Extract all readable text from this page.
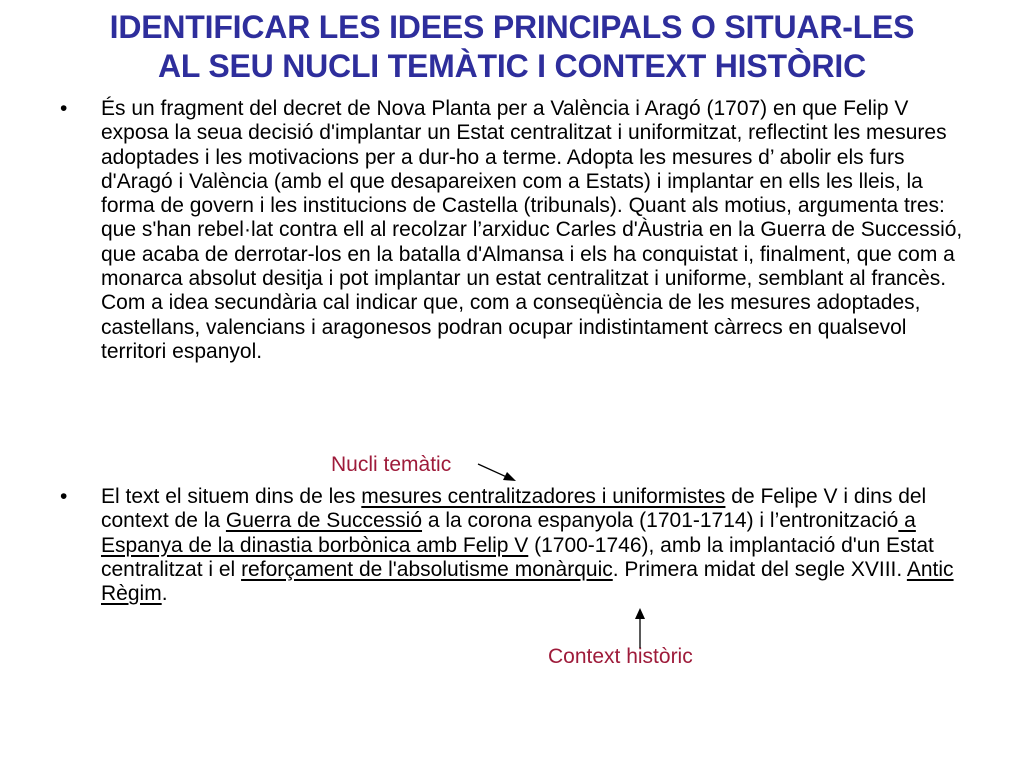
IDENTIFICAR LES IDEES PRINCIPALS O SITUAR-LES
AL SEU NUCLI TEMÀTIC I CONTEXT HISTÒRIC
•	És un fragment del decret de Nova Planta per a València i Aragó (1707) en que Felip V exposa la seua decisió d'implantar un Estat centralitzat i uniformitzat, reflectint les mesures adoptades i les motivacions per a dur-ho a terme. Adopta les mesures d’ abolir els furs d'Aragó i València (amb el que desapareixen com a Estats) i implantar en ells les lleis, la forma de govern i les institucions de Castella (tribunals). Quant als motius, argumenta tres: que s'han rebel·lat contra ell al recolzar l’arxiduc Carles d'Àustria en la Guerra de Successió, que acaba de derrotar-los en la batalla d'Almansa i els ha conquistat i, finalment, que com a monarca absolut desitja i pot implantar un estat centralitzat i uniforme, semblant al francès. Com a idea secundària cal indicar que, com a conseqüència de les mesures adoptades, castellans, valencians i aragonesos podran ocupar indistintament càrrecs en qualsevol territori espanyol.
Nucli temàtic
•	El text el situem dins de les mesures centralitzadores i uniformistes de Felipe V i dins del context de la Guerra de Successió a la corona espanyola (1701-1714) i l’entronització a Espanya de la dinastia borbònica amb Felip V (1700-1746), amb la implantació d'un Estat centralitzat i el reforçament de l'absolutisme monàrquic. Primera midat del segle XVIII. Antic Règim.
Context històric
